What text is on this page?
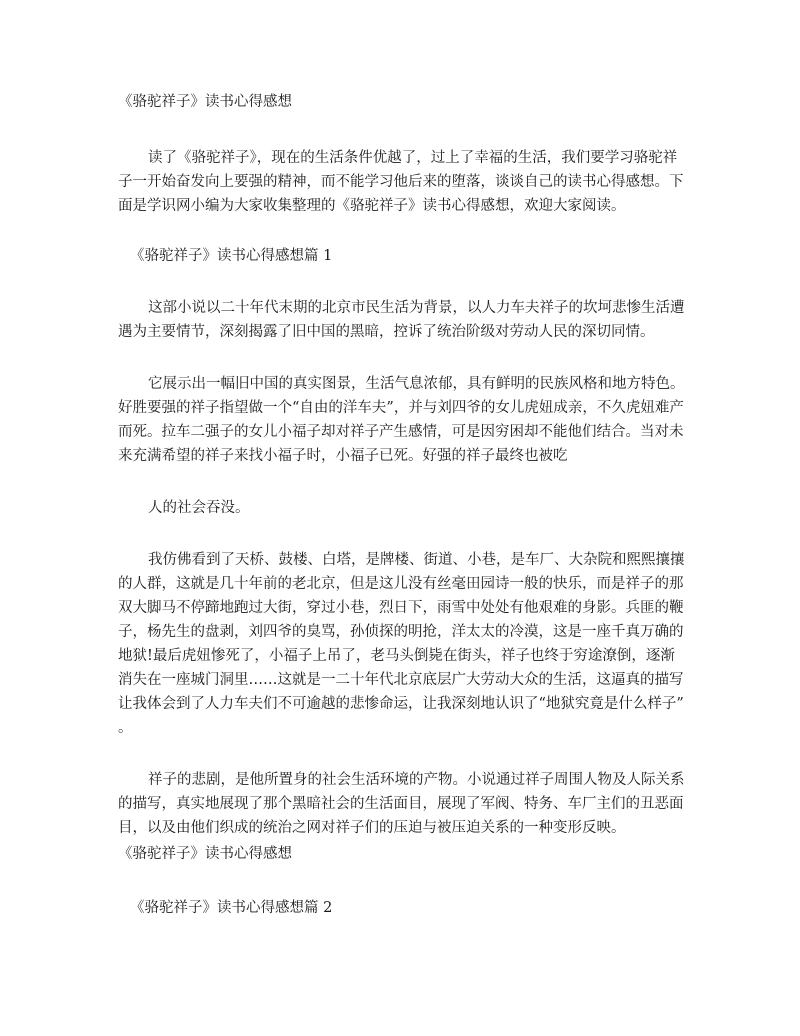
《骆驼祥子》读书心得感想

读了《骆驼祥子》，现在的生活条件优越了，过上了幸福的生活，我们要学习骆驼祥

子一开始奋发向上要强的精神，而不能学习他后来的堕落，谈谈自己的读书心得感想。下

面是学识网小编为大家收集整理的《骆驼祥子》读书心得感想，欢迎大家阅读。

《骆驼祥子》读书心得感想篇 1

这部小说以二十年代末期的北京市民生活为背景，以人力车夫祥子的坎坷悲惨生活遭

遇为主要情节，深刻揭露了旧中国的黑暗，控诉了统治阶级对劳动人民的深切同情。

它展示出一幅旧中国的真实图景，生活气息浓郁，具有鲜明的民族风格和地方特色。

好胜要强的祥子指望做一个“自由的洋车夫”，并与刘四爷的女儿虎妞成亲，不久虎妞难产

而死。拉车二强子的女儿小福子却对祥子产生感情，可是因穷困却不能他们结合。当对未

来充满希望的祥子来找小福子时，小福子已死。好强的祥子最终也被吃

人的社会吞没。

我仿佛看到了天桥、鼓楼、白塔，是牌楼、街道、小巷，是车厂、大杂院和熙熙攘攘

的人群，这就是几十年前的老北京，但是这儿没有丝毫田园诗一般的快乐，而是祥子的那

双大脚马不停蹄地跑过大街，穿过小巷，烈日下，雨雪中处处有他艰难的身影。兵匪的鞭

子，杨先生的盘剥，刘四爷的臭骂，孙侦探的明抢，洋太太的冷漠，这是一座千真万确的

地狱!最后虎妞惨死了，小福子上吊了，老马头倒毙在街头，祥子也终于穷途潦倒，逐渐

消失在一座城门洞里……这就是一二十年代北京底层广大劳动大众的生活，这逼真的描写

让我体会到了人力车夫们不可逾越的悲惨命运，让我深刻地认识了“地狱究竟是什么样子”

。

祥子的悲剧，是他所置身的社会生活环境的产物。小说通过祥子周围人物及人际关系

的描写，真实地展现了那个黑暗社会的生活面目，展现了军阀、特务、车厂主们的丑恶面

目，以及由他们织成的统治之网对祥子们的压迫与被压迫关系的一种变形反映。

《骆驼祥子》读书心得感想

《骆驼祥子》读书心得感想篇 2
